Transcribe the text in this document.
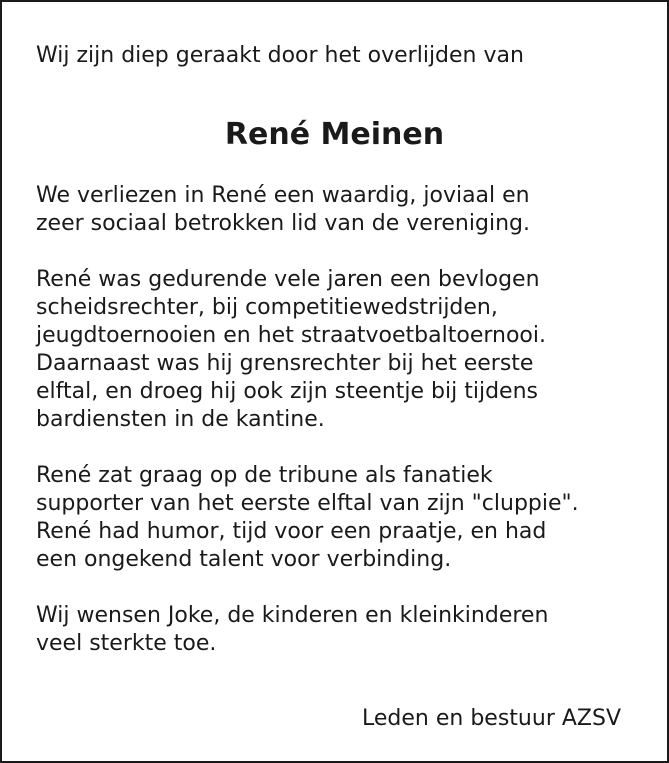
Wij zijn diep geraakt door het overlijden van

René Meinen

We verliezen in René een waardig, joviaal en
zeer sociaal betrokken lid van de vereniging.

René was gedurende vele jaren een bevlogen
scheidsrechter, bij competitiewedstrijden,
jeugdtoernooien en het straatvoetbaltoernooi.
Daarnaast was hij grensrechter bij het eerste
elftal, en droeg hij ook zijn steentje bij tijdens
bardiensten in de kantine.

René zat graag op de tribune als fanatiek
supporter van het eerste elftal van zijn "cluppie".
René had humor, tijd voor een praatje, en had
een ongekend talent voor verbinding.

Wij wensen Joke, de kinderen en kleinkinderen
veel sterkte toe.

Leden en bestuur AZSV
